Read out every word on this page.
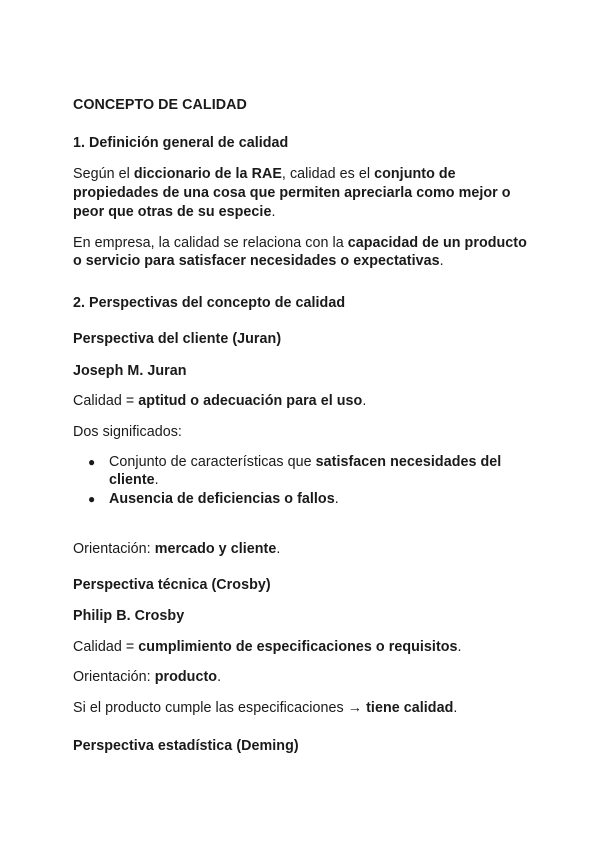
CONCEPTO DE CALIDAD
1. Definición general de calidad
Según el diccionario de la RAE, calidad es el conjunto de
propiedades de una cosa que permiten apreciarla como mejor o
peor que otras de su especie.
En empresa, la calidad se relaciona con la capacidad de un producto
o servicio para satisfacer necesidades o expectativas.
2. Perspectivas del concepto de calidad
Perspectiva del cliente (Juran)
Joseph M. Juran
Calidad = aptitud o adecuación para el uso.
Dos significados:
● Conjunto de características que satisfacen necesidades del
cliente.
● Ausencia de deficiencias o fallos.
Orientación: mercado y cliente.
Perspectiva técnica (Crosby)
Philip B. Crosby
Calidad = cumplimiento de especificaciones o requisitos.
Orientación: producto.
Si el producto cumple las especificaciones → tiene calidad.
Perspectiva estadística (Deming)
